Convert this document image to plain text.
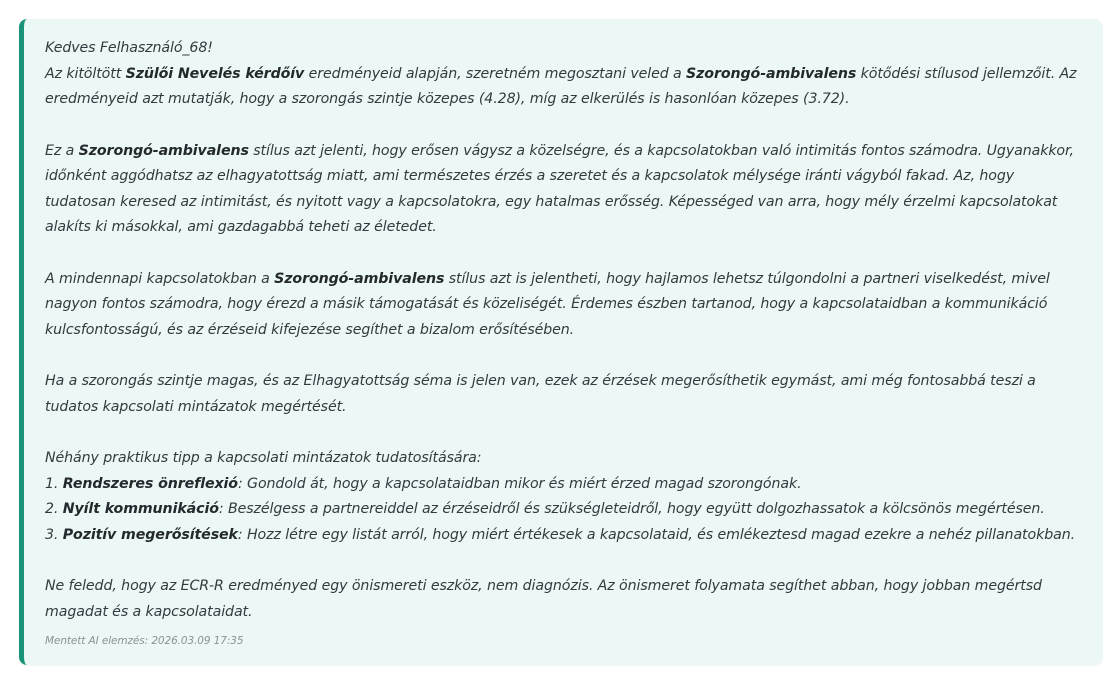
Kedves Felhasználó_68!

Az kitöltött Szülői Nevelés kérdőív eredményeid alapján, szeretném megosztani veled a Szorongó-ambivalens kötődési stílusod jellemzőit. Az eredményeid azt mutatják, hogy a szorongás szintje közepes (4.28), míg az elkerülés is hasonlóan közepes (3.72).

Ez a Szorongó-ambivalens stílus azt jelenti, hogy erősen vágysz a közelségre, és a kapcsolatokban való intimitás fontos számodra. Ugyanakkor, időnként aggódhatsz az elhagyatottság miatt, ami természetes érzés a szeretet és a kapcsolatok mélysége iránti vágyból fakad. Az, hogy tudatosan keresed az intimitást, és nyitott vagy a kapcsolatokra, egy hatalmas erősség. Képességed van arra, hogy mély érzelmi kapcsolatokat alakíts ki másokkal, ami gazdagabbá teheti az életedet.

A mindennapi kapcsolatokban a Szorongó-ambivalens stílus azt is jelentheti, hogy hajlamos lehetsz túlgondolni a partneri viselkedést, mivel nagyon fontos számodra, hogy érezd a másik támogatását és közeliségét. Érdemes észben tartanod, hogy a kapcsolataidban a kommunikáció kulcsfontosságú, és az érzéseid kifejezése segíthet a bizalom erősítésében.

Ha a szorongás szintje magas, és az Elhagyatottság séma is jelen van, ezek az érzések megerősíthetik egymást, ami még fontosabbá teszi a tudatos kapcsolati mintázatok megértését.

Néhány praktikus tipp a kapcsolati mintázatok tudatosítására:

1. Rendszeres önreflexió: Gondold át, hogy a kapcsolataidban mikor és miért érzed magad szorongónak.

2. Nyílt kommunikáció: Beszélgess a partnereiddel az érzéseidről és szükségleteidről, hogy együtt dolgozhassatok a kölcsönös megértésen.

3. Pozitív megerősítések: Hozz létre egy listát arról, hogy miért értékesek a kapcsolataid, és emlékeztesd magad ezekre a nehéz pillanatokban.

Ne feledd, hogy az ECR-R eredményed egy önismereti eszköz, nem diagnózis. Az önismeret folyamata segíthet abban, hogy jobban megértsd magadat és a kapcsolataidat.

Mentett AI elemzés: 2026.03.09 17:35
